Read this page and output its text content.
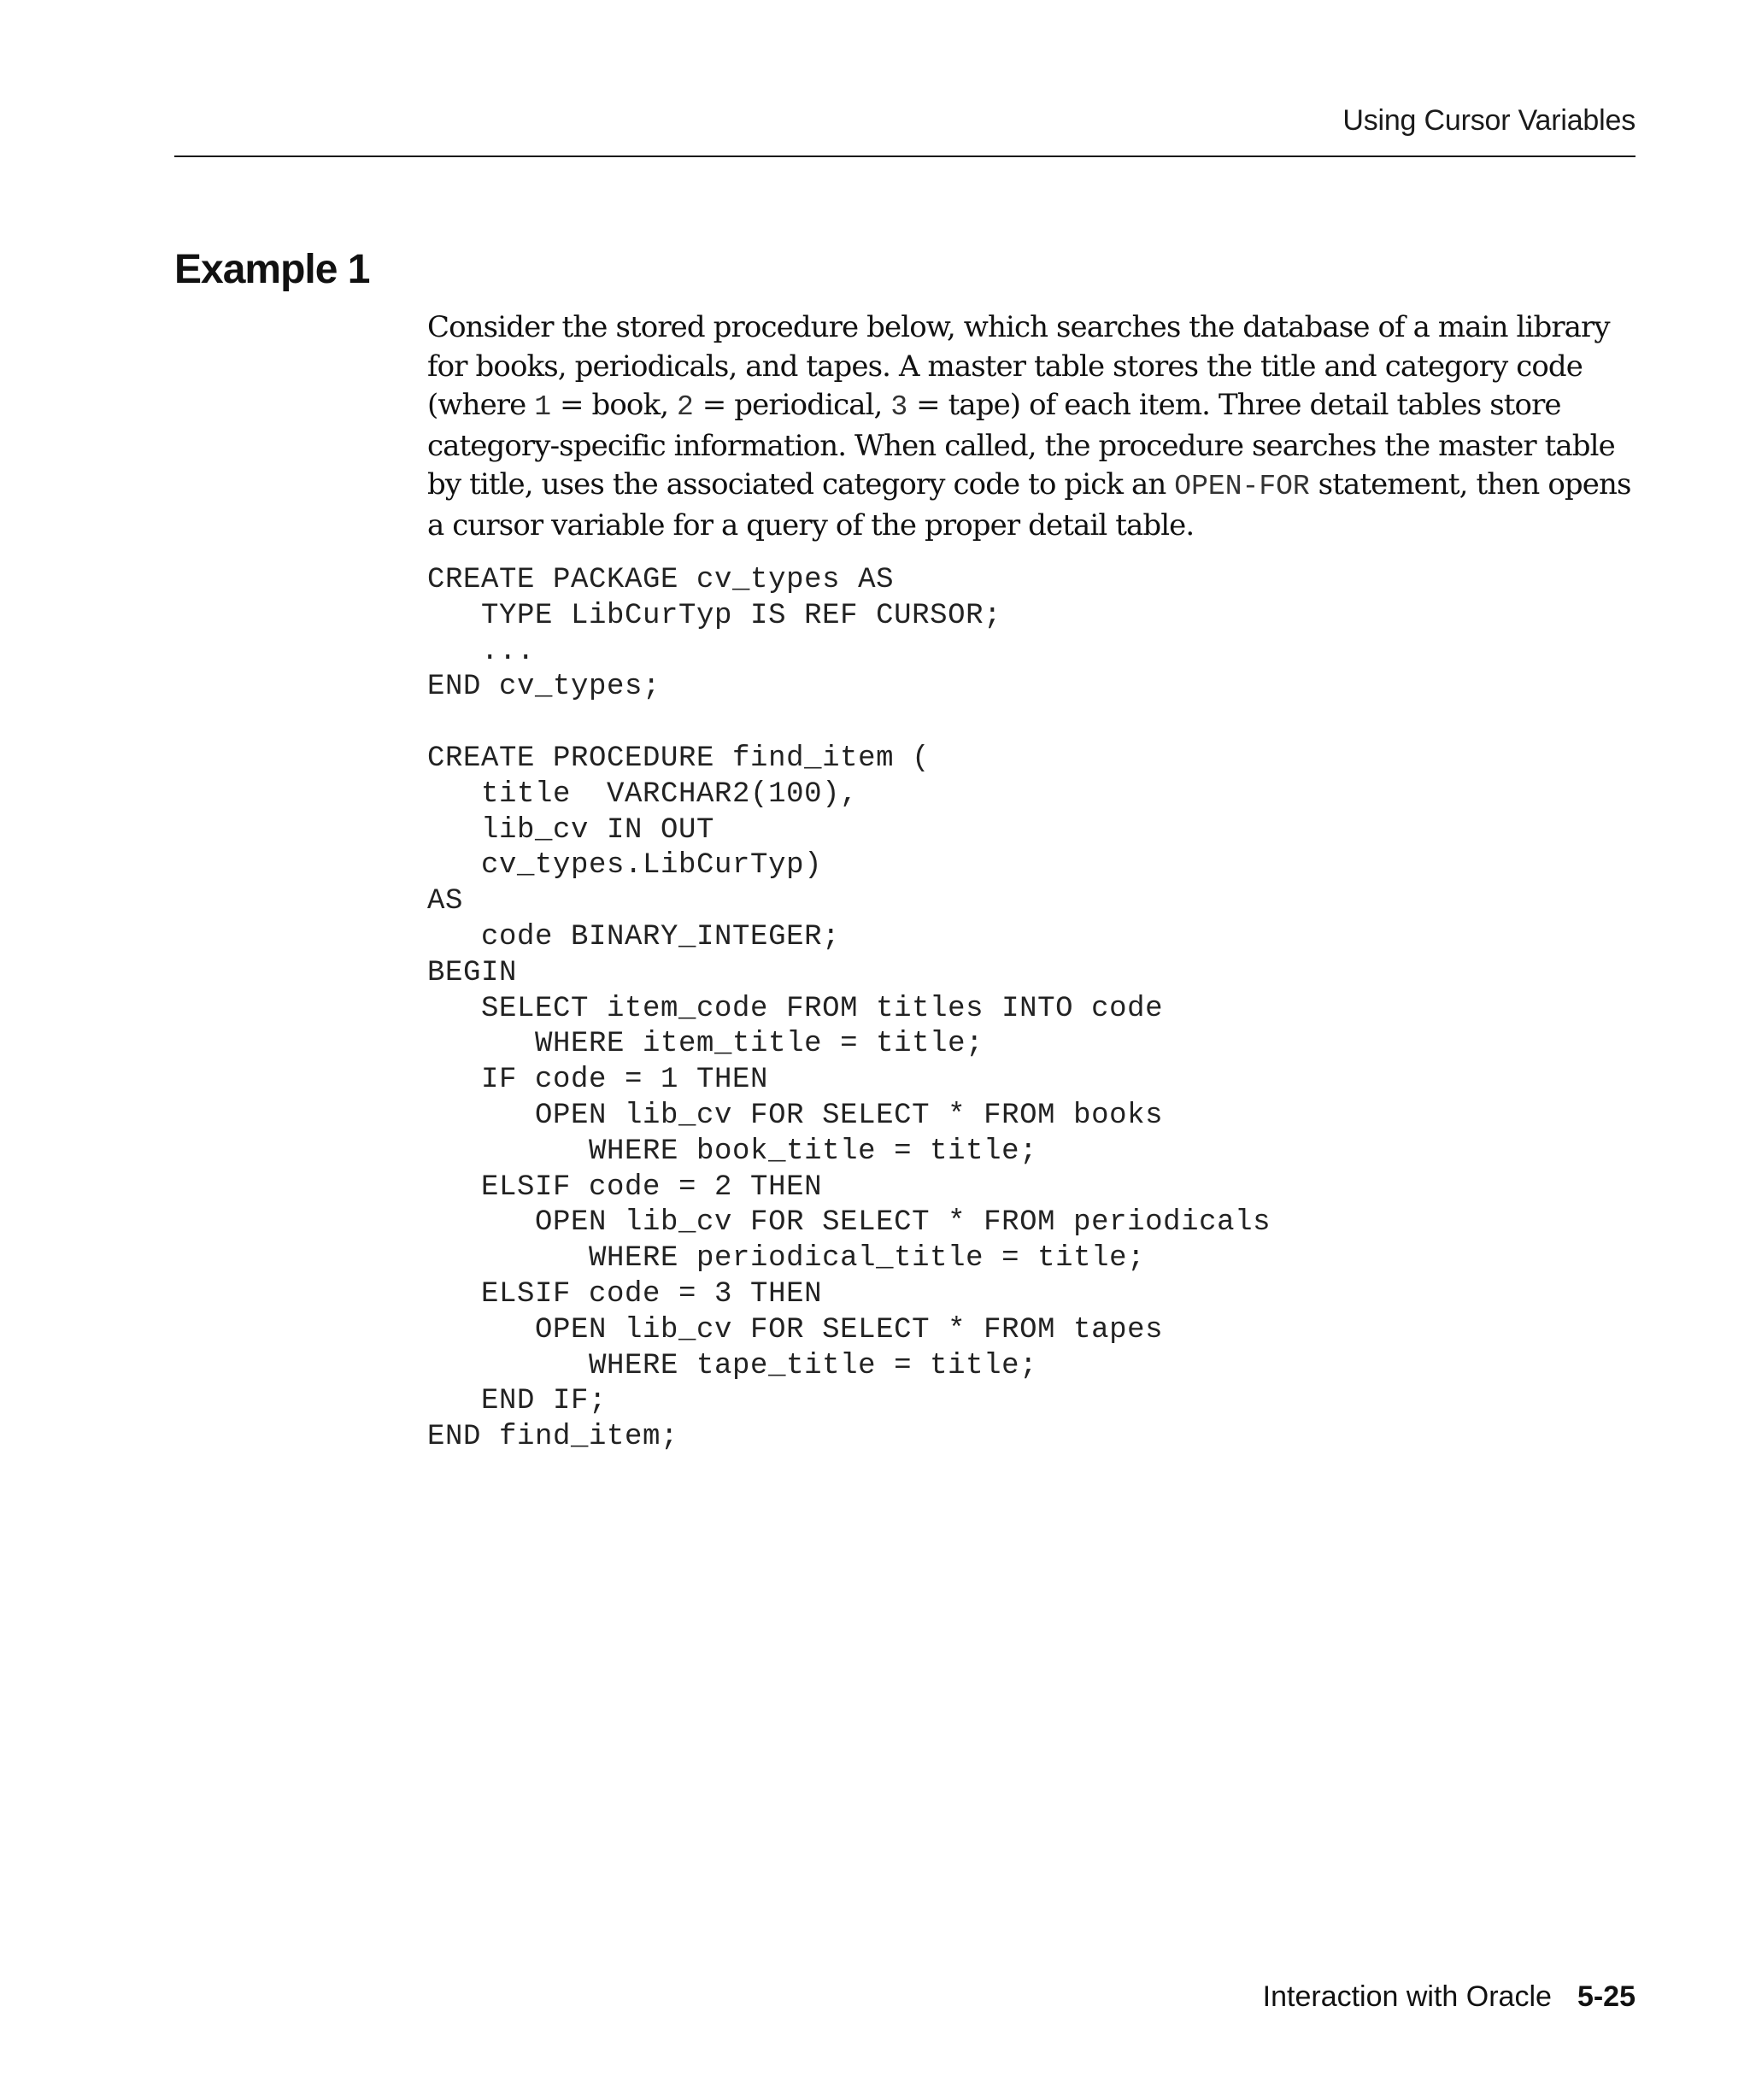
Using Cursor Variables
Example 1

Consider the stored procedure below, which searches the database of a main library for books, periodicals, and tapes. A master table stores the title and category code (where 1 = book, 2 = periodical, 3 = tape) of each item. Three detail tables store category-specific information. When called, the procedure searches the master table by title, uses the associated category code to pick an OPEN-FOR statement, then opens a cursor variable for a query of the proper detail table.

CREATE PACKAGE cv_types AS
TYPE LibCurTyp IS REF CURSOR;
...
END cv_types;

CREATE PROCEDURE find_item (
title  VARCHAR2(100),
lib_cv IN OUT
cv_types.LibCurTyp)
AS
code BINARY_INTEGER;
BEGIN
SELECT item_code FROM titles INTO code
WHERE item_title = title;
IF code = 1 THEN
OPEN lib_cv FOR SELECT * FROM books
WHERE book_title = title;
ELSIF code = 2 THEN
OPEN lib_cv FOR SELECT * FROM periodicals
WHERE periodical_title = title;
ELSIF code = 3 THEN
OPEN lib_cv FOR SELECT * FROM tapes
WHERE tape_title = title;
END IF;
END find_item;
Interaction with Oracle 5-25
